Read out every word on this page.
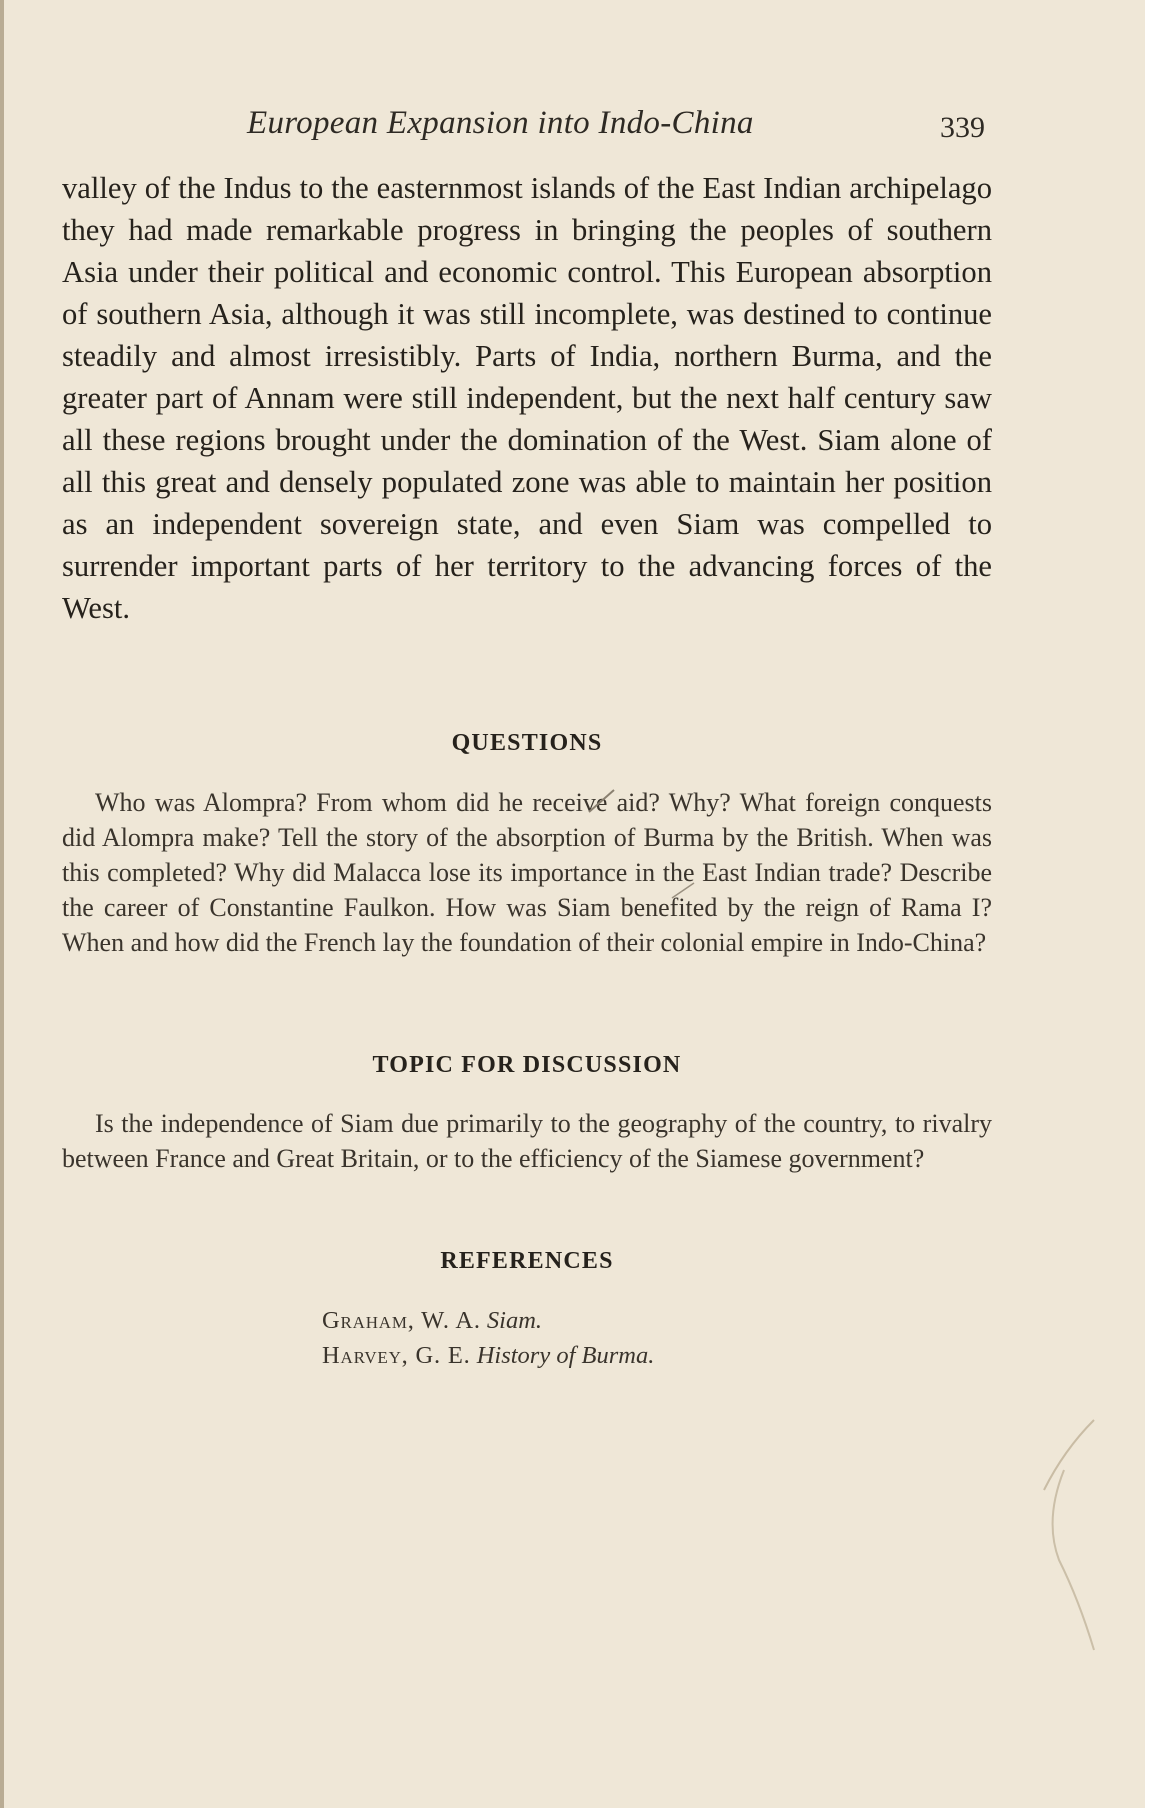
European Expansion into Indo-China	339

valley of the Indus to the easternmost islands of the East Indian archipelago they had made remarkable progress in bringing the peoples of southern Asia under their political and economic control. This European absorption of southern Asia, although it was still incomplete, was destined to continue steadily and almost irresistibly. Parts of India, northern Burma, and the greater part of Annam were still independent, but the next half century saw all these regions brought under the domination of the West. Siam alone of all this great and densely populated zone was able to maintain her position as an independent sovereign state, and even Siam was compelled to surrender important parts of her territory to the advancing forces of the West.

QUESTIONS

Who was Alompra? From whom did he receive aid? Why? What foreign conquests did Alompra make? Tell the story of the absorption of Burma by the British. When was this completed? Why did Malacca lose its importance in the East Indian trade? Describe the career of Constantine Faulkon. How was Siam benefited by the reign of Rama I? When and how did the French lay the foundation of their colonial empire in Indo-China?

TOPIC FOR DISCUSSION

Is the independence of Siam due primarily to the geography of the country, to rivalry between France and Great Britain, or to the efficiency of the Siamese government?

REFERENCES
Graham, W. A. Siam.
Harvey, G. E. History of Burma.
